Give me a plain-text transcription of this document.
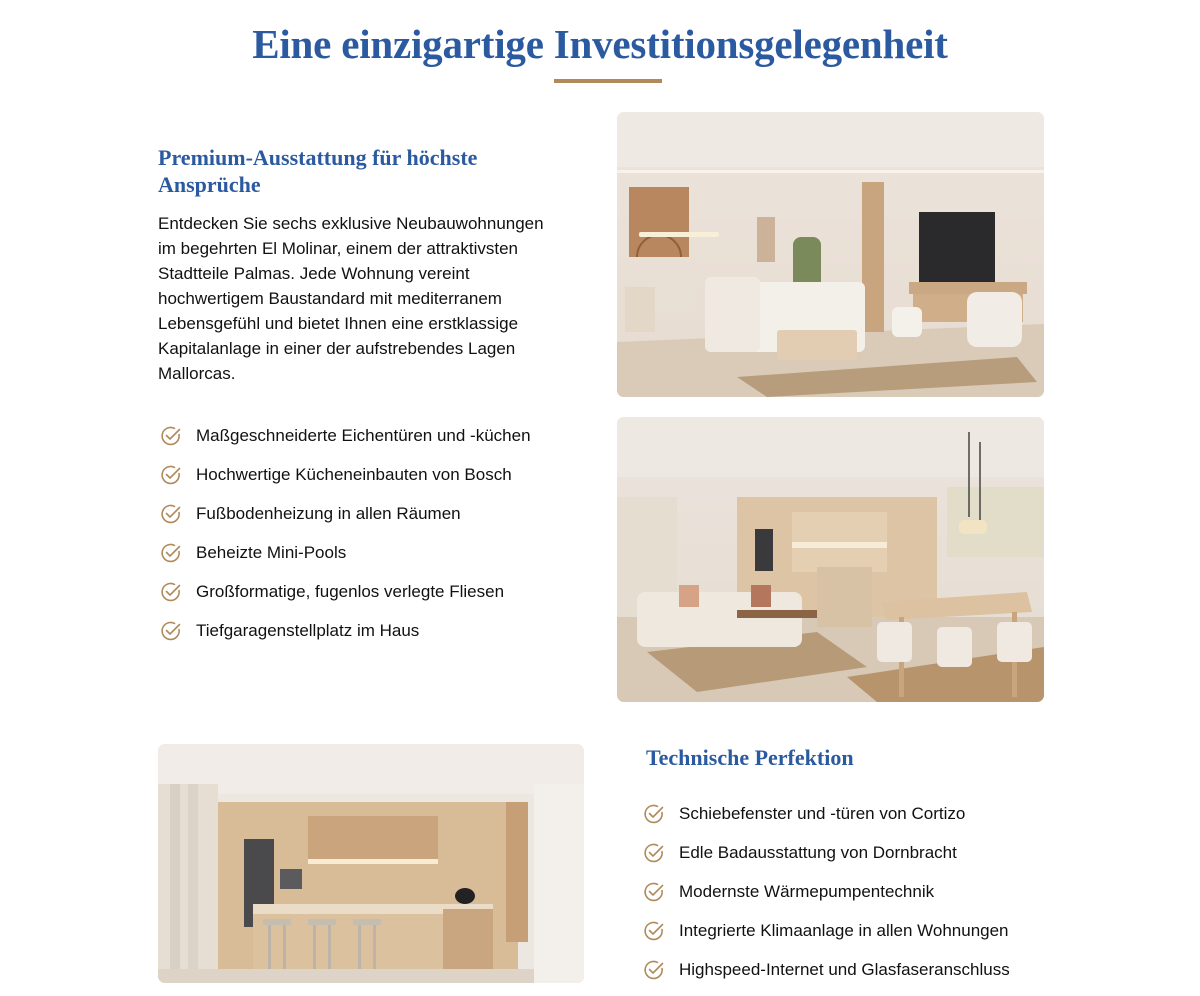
Eine einzigartige Investitionsgelegenheit
Premium-Ausstattung für höchste Ansprüche

Entdecken Sie sechs exklusive Neubauwohnungen im begehrten El Molinar, einem der attraktivsten Stadtteile Palmas. Jede Wohnung vereint hochwertigem Baustandard mit mediterranem Lebensgefühl und bietet Ihnen eine erstklassige Kapitalanlage in einer der aufstrebendes Lagen Mallorcas.

Maßgeschneiderte Eichentüren und -küchen
Hochwertige Kücheneinbauten von Bosch
Fußbodenheizung in allen Räumen
Beheizte Mini-Pools
Großformatige, fugenlos verlegte Fliesen
Tiefgaragenstellplatz im Haus
Technische Perfektion
Schiebefenster und -türen von Cortizo
Edle Badausstattung von Dornbracht
Modernste Wärmepumpentechnik
Integrierte Klimaanlage in allen Wohnungen
Highspeed-Internet und Glasfaseranschluss
